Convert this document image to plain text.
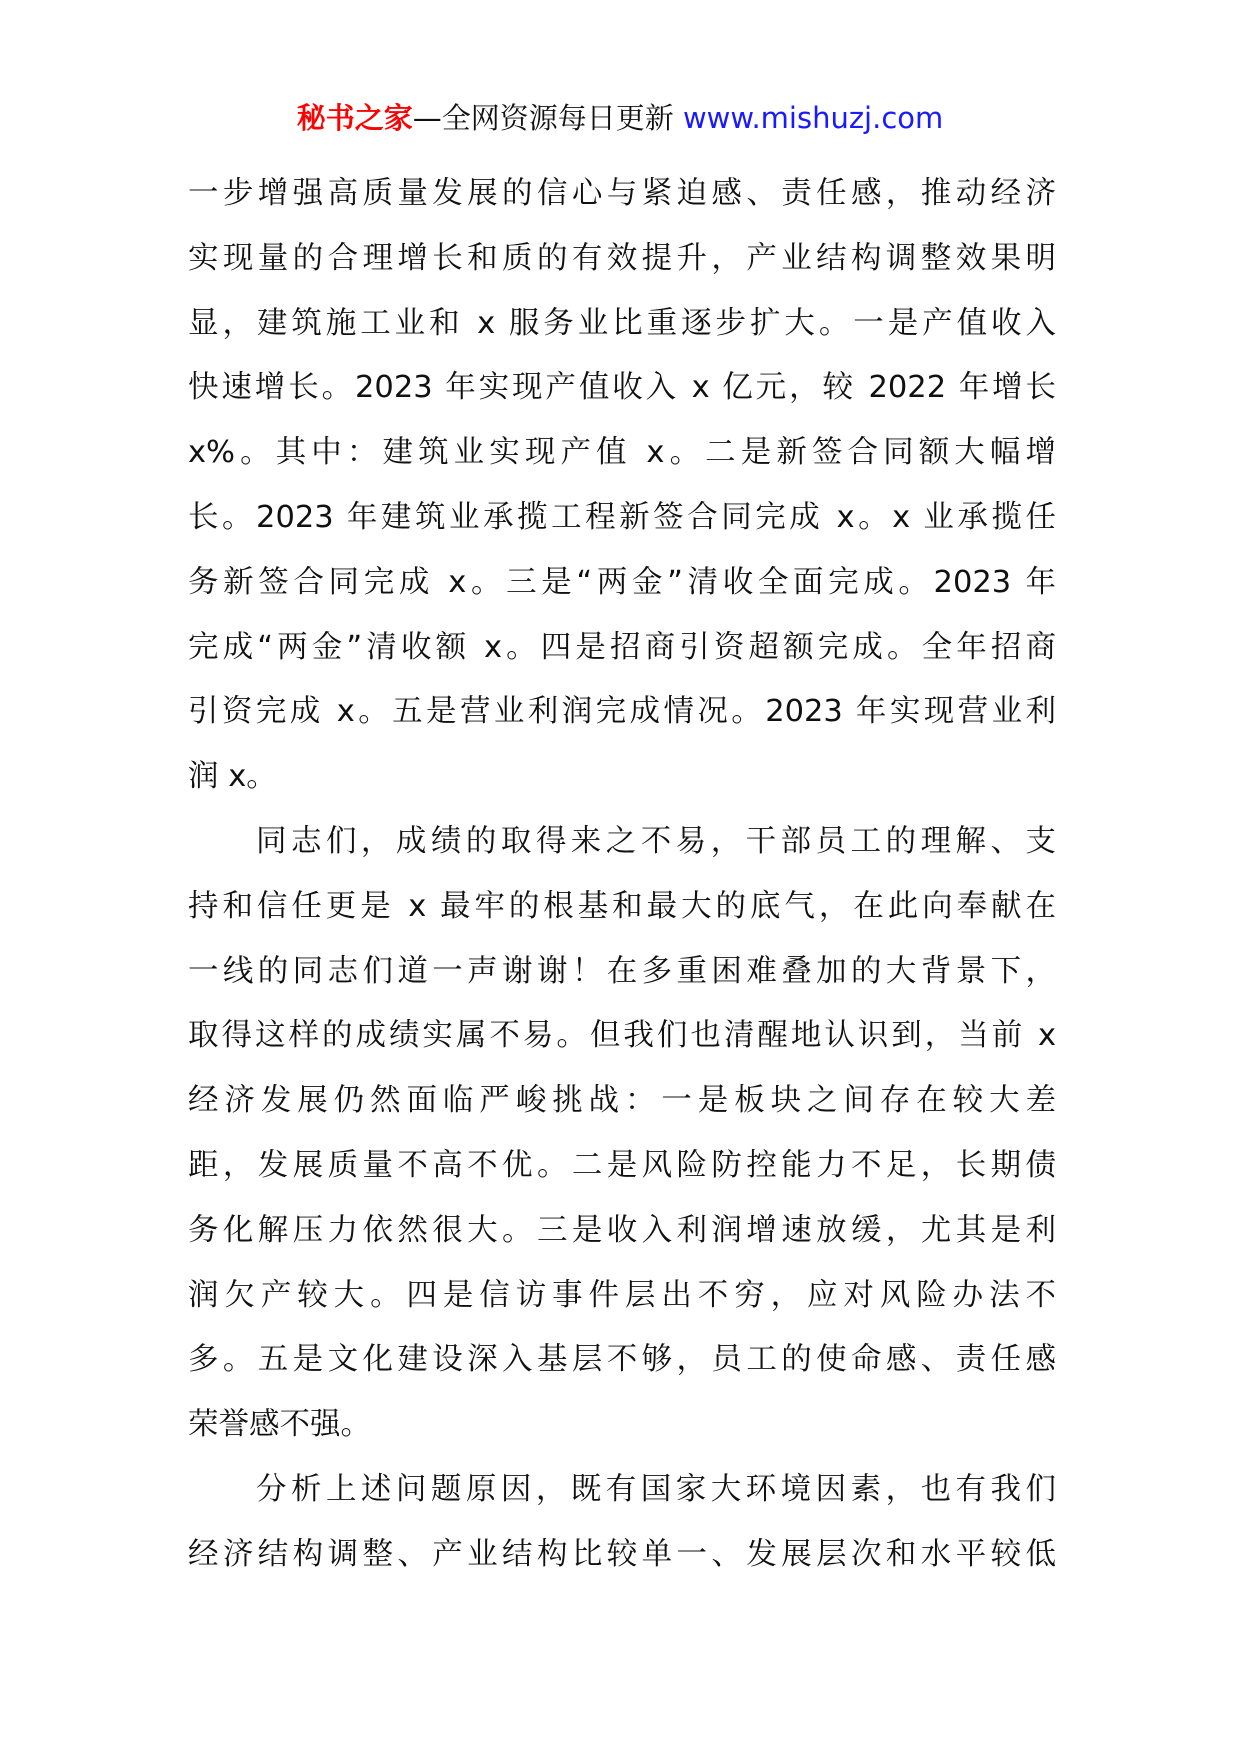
秘书之家—全网资源每日更新 www.mishuzj.com
一步增强高质量发展的信心与紧迫感、责任感，推动经济
实现量的合理增长和质的有效提升，产业结构调整效果明
显，建筑施工业和 x 服务业比重逐步扩大。一是产值收入
快速增长。2023 年实现产值收入 x 亿元，较 2022 年增长
x%。其中：建筑业实现产值 x。二是新签合同额大幅增
长。2023 年建筑业承揽工程新签合同完成 x。x 业承揽任
务新签合同完成 x。三是“两金”清收全面完成。2023 年
完成“两金”清收额 x。四是招商引资超额完成。全年招商
引资完成 x。五是营业利润完成情况。2023 年实现营业利
润 x。
同志们，成绩的取得来之不易，干部员工的理解、支
持和信任更是 x 最牢的根基和最大的底气，在此向奉献在
一线的同志们道一声谢谢！在多重困难叠加的大背景下，
取得这样的成绩实属不易。但我们也清醒地认识到，当前 x
经济发展仍然面临严峻挑战：一是板块之间存在较大差
距，发展质量不高不优。二是风险防控能力不足，长期债
务化解压力依然很大。三是收入利润增速放缓，尤其是利
润欠产较大。四是信访事件层出不穷，应对风险办法不
多。五是文化建设深入基层不够，员工的使命感、责任感
荣誉感不强。
分析上述问题原因，既有国家大环境因素，也有我们
经济结构调整、产业结构比较单一、发展层次和水平较低
